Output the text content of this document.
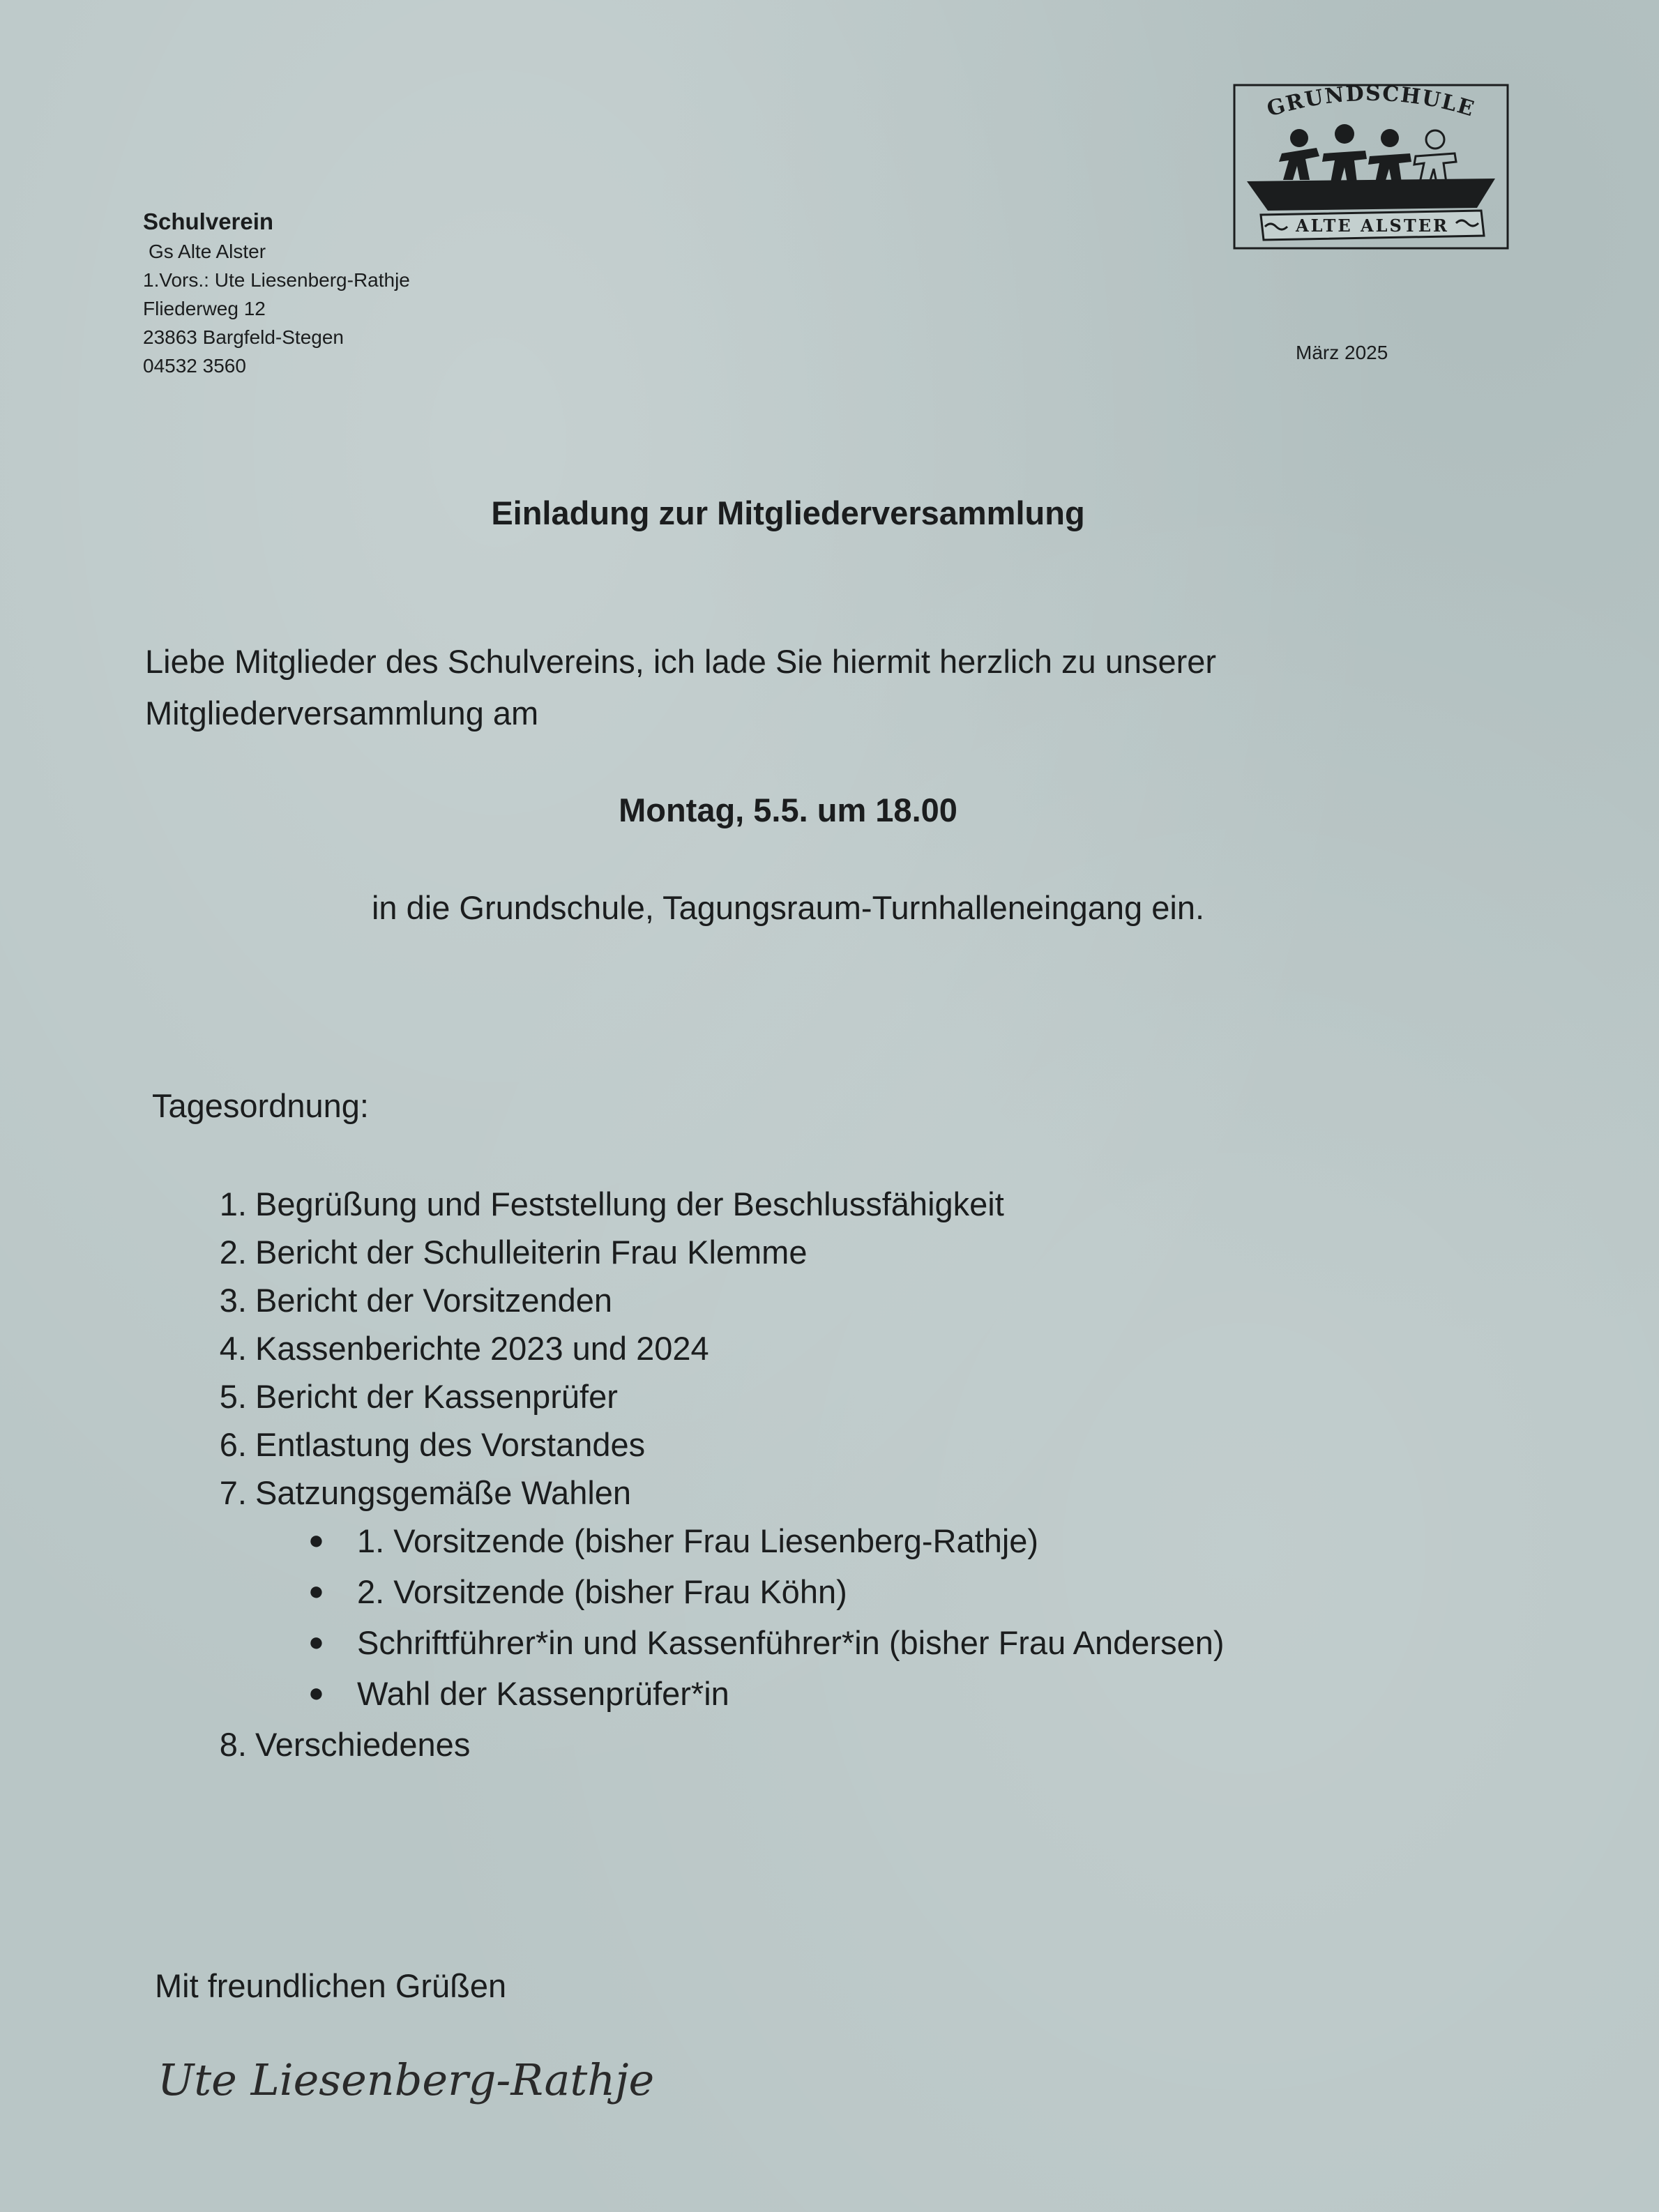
Schulverein
Gs Alte Alster
1.Vors.: Ute Liesenberg-Rathje
Fliederweg 12
23863 Bargfeld-Stegen
04532 3560
GRUNDSCHULE
ALTE ALSTER
März 2025
Einladung zur Mitgliederversammlung
Liebe Mitglieder des Schulvereins, ich lade Sie hiermit herzlich zu unserer Mitgliederversammlung am
Montag, 5.5. um 18.00
in die Grundschule, Tagungsraum-Turnhalleneingang ein.
Tagesordnung:
1. Begrüßung und Feststellung der Beschlussfähigkeit
2. Bericht der Schulleiterin Frau Klemme
3. Bericht der Vorsitzenden
4. Kassenberichte 2023 und 2024
5. Bericht der Kassenprüfer
6. Entlastung des Vorstandes
7. Satzungsgemäße Wahlen
● 1. Vorsitzende (bisher Frau Liesenberg-Rathje)
● 2. Vorsitzende (bisher Frau Köhn)
● Schriftführer*in und Kassenführer*in (bisher Frau Andersen)
● Wahl der Kassenprüfer*in
8. Verschiedenes
Mit freundlichen Grüßen
Ute Liesenberg-Rathje
